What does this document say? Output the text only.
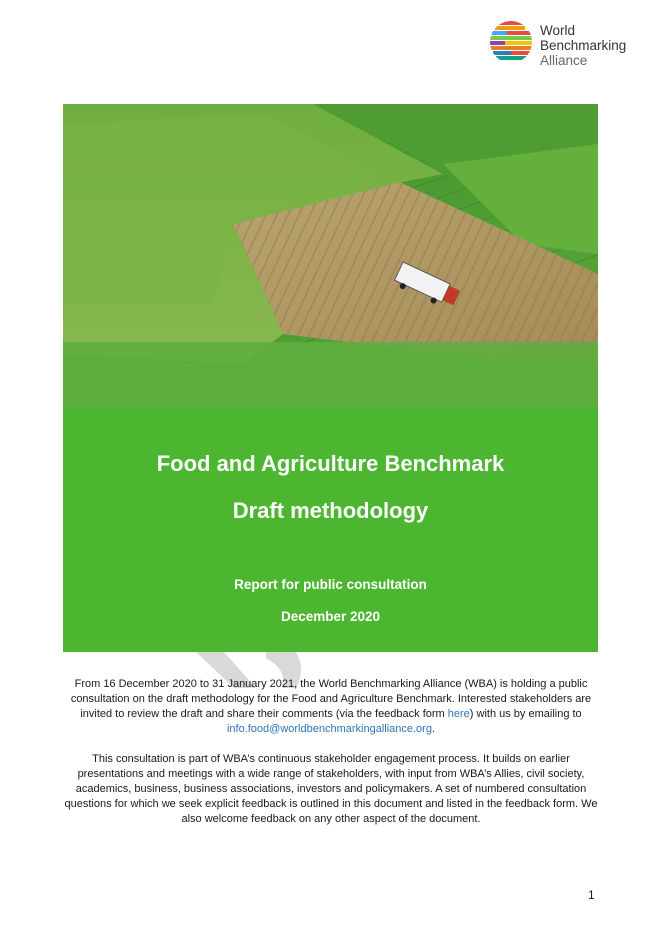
World
Benchmarking
Alliance
Food and Agriculture Benchmark
Draft methodology
Report for public consultation
December 2020
From 16 December 2020 to 31 January 2021, the World Benchmarking Alliance (WBA) is holding a public consultation on the draft methodology for the Food and Agriculture Benchmark. Interested stakeholders are invited to review the draft and share their comments (via the feedback form here) with us by emailing to info.food@worldbenchmarkingalliance.org.
This consultation is part of WBA’s continuous stakeholder engagement process. It builds on earlier presentations and meetings with a wide range of stakeholders, with input from WBA’s Allies, civil society, academics, business, business associations, investors and policymakers. A set of numbered consultation questions for which we seek explicit feedback is outlined in this document and listed in the feedback form. We also welcome feedback on any other aspect of the document.
1
